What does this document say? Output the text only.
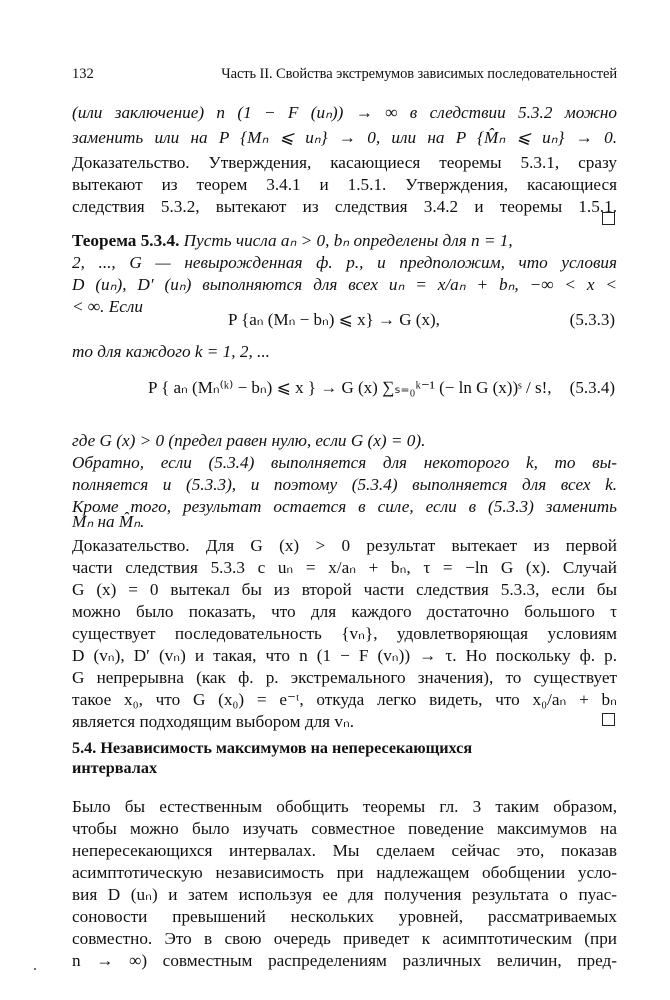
132	Часть II. Свойства экстремумов зависимых последовательностей
(или заключение) n (1 − F (uₙ)) → ∞ в следствии 5.3.2 можно
заменить или на P {Mₙ ⩽ uₙ} → 0, или на P {M̂ₙ ⩽ uₙ} → 0.
Доказательство. Утверждения, касающиеся теоремы 5.3.1, сразу
вытекают из теорем 3.4.1 и 1.5.1. Утверждения, касающиеся
следствия 5.3.2, вытекают из следствия 3.4.2 и теоремы 1.5.1.
Теорема 5.3.4. Пусть числа aₙ > 0, bₙ определены для n = 1,
2, ..., G — невырожденная ф. р., и предположим, что условия
D (uₙ), D′ (uₙ) выполняются для всех uₙ = x/aₙ + bₙ, −∞ < x <
< ∞. Если
P {aₙ (Mₙ − bₙ) ⩽ x} → G (x),	(5.3.3)
то для каждого k = 1, 2, ...
P { aₙ (Mₙ⁽ᵏ⁾ − bₙ) ⩽ x } → G (x) ∑ₛ₌₀ᵏ⁻¹ (− ln G (x))ˢ / s!, (5.3.4)
где G (x) > 0 (предел равен нулю, если G (x) = 0).
Обратно, если (5.3.4) выполняется для некоторого k, то вы-
полняется и (5.3.3), и поэтому (5.3.4) выполняется для всех k.
Кроме того, результат остается в силе, если в (5.3.3) заменить
Mₙ на M̂ₙ.
Доказательство. Для G (x) > 0 результат вытекает из первой
части следствия 5.3.3 с uₙ = x/aₙ + bₙ, τ = −ln G (x). Случай
G (x) = 0 вытекал бы из второй части следствия 5.3.3, если бы
можно было показать, что для каждого достаточно большого τ
существует последовательность {vₙ}, удовлетворяющая условиям
D (vₙ), D′ (vₙ) и такая, что n (1 − F (vₙ)) → τ. Но поскольку ф. р.
G непрерывна (как ф. р. экстремального значения), то существует
такое x₀, что G (x₀) = e⁻ᵗ, откуда легко видеть, что x₀/aₙ + bₙ
является подходящим выбором для vₙ.
5.4. Независимость максимумов на непересекающихся
интервалах
Было бы естественным обобщить теоремы гл. 3 таким образом,
чтобы можно было изучать совместное поведение максимумов на
непересекающихся интервалах. Мы сделаем сейчас это, показав
асимптотическую независимость при надлежащем обобщении усло-
вия D (uₙ) и затем используя ее для получения результата о пуас-
соновости превышений нескольких уровней, рассматриваемых
совместно. Это в свою очередь приведет к асимптотическим (при
n → ∞) совместным распределениям различных величин, пред-
